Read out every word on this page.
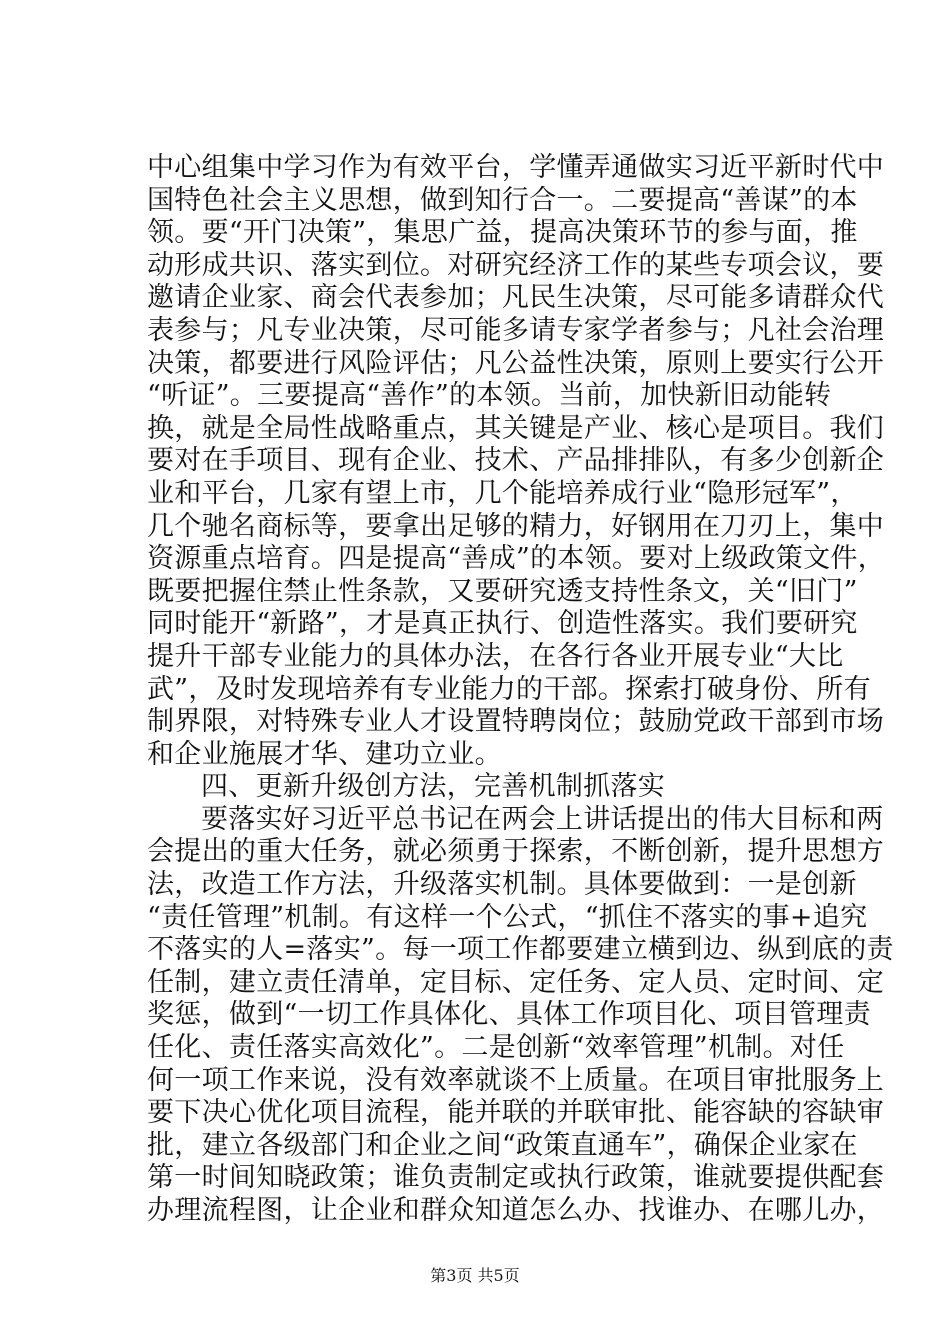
中心组集中学习作为有效平台，学懂弄通做实习近平新时代中
国特色社会主义思想，做到知行合一。二要提高“善谋”的本
领。要“开门决策”，集思广益，提高决策环节的参与面，推
动形成共识、落实到位。对研究经济工作的某些专项会议，要
邀请企业家、商会代表参加；凡民生决策，尽可能多请群众代
表参与；凡专业决策，尽可能多请专家学者参与；凡社会治理
决策，都要进行风险评估；凡公益性决策，原则上要实行公开
“听证”。三要提高“善作”的本领。当前，加快新旧动能转
换，就是全局性战略重点，其关键是产业、核心是项目。我们
要对在手项目、现有企业、技术、产品排排队，有多少创新企
业和平台，几家有望上市，几个能培养成行业“隐形冠军”，
几个驰名商标等，要拿出足够的精力，好钢用在刀刃上，集中
资源重点培育。四是提高“善成”的本领。要对上级政策文件，
既要把握住禁止性条款，又要研究透支持性条文，关“旧门”
同时能开“新路”，才是真正执行、创造性落实。我们要研究
提升干部专业能力的具体办法，在各行各业开展专业“大比
武”，及时发现培养有专业能力的干部。探索打破身份、所有
制界限，对特殊专业人才设置特聘岗位；鼓励党政干部到市场
和企业施展才华、建功立业。
四、更新升级创方法，完善机制抓落实
要落实好习近平总书记在两会上讲话提出的伟大目标和两
会提出的重大任务，就必须勇于探索，不断创新，提升思想方
法，改造工作方法，升级落实机制。具体要做到：一是创新
“责任管理”机制。有这样一个公式，“抓住不落实的事+追究
不落实的人=落实”。每一项工作都要建立横到边、纵到底的责
任制，建立责任清单，定目标、定任务、定人员、定时间、定
奖惩，做到“一切工作具体化、具体工作项目化、项目管理责
任化、责任落实高效化”。二是创新“效率管理”机制。对任
何一项工作来说，没有效率就谈不上质量。在项目审批服务上
要下决心优化项目流程，能并联的并联审批、能容缺的容缺审
批，建立各级部门和企业之间“政策直通车”，确保企业家在
第一时间知晓政策；谁负责制定或执行政策，谁就要提供配套
办理流程图，让企业和群众知道怎么办、找谁办、在哪儿办，
第3页 共5页
